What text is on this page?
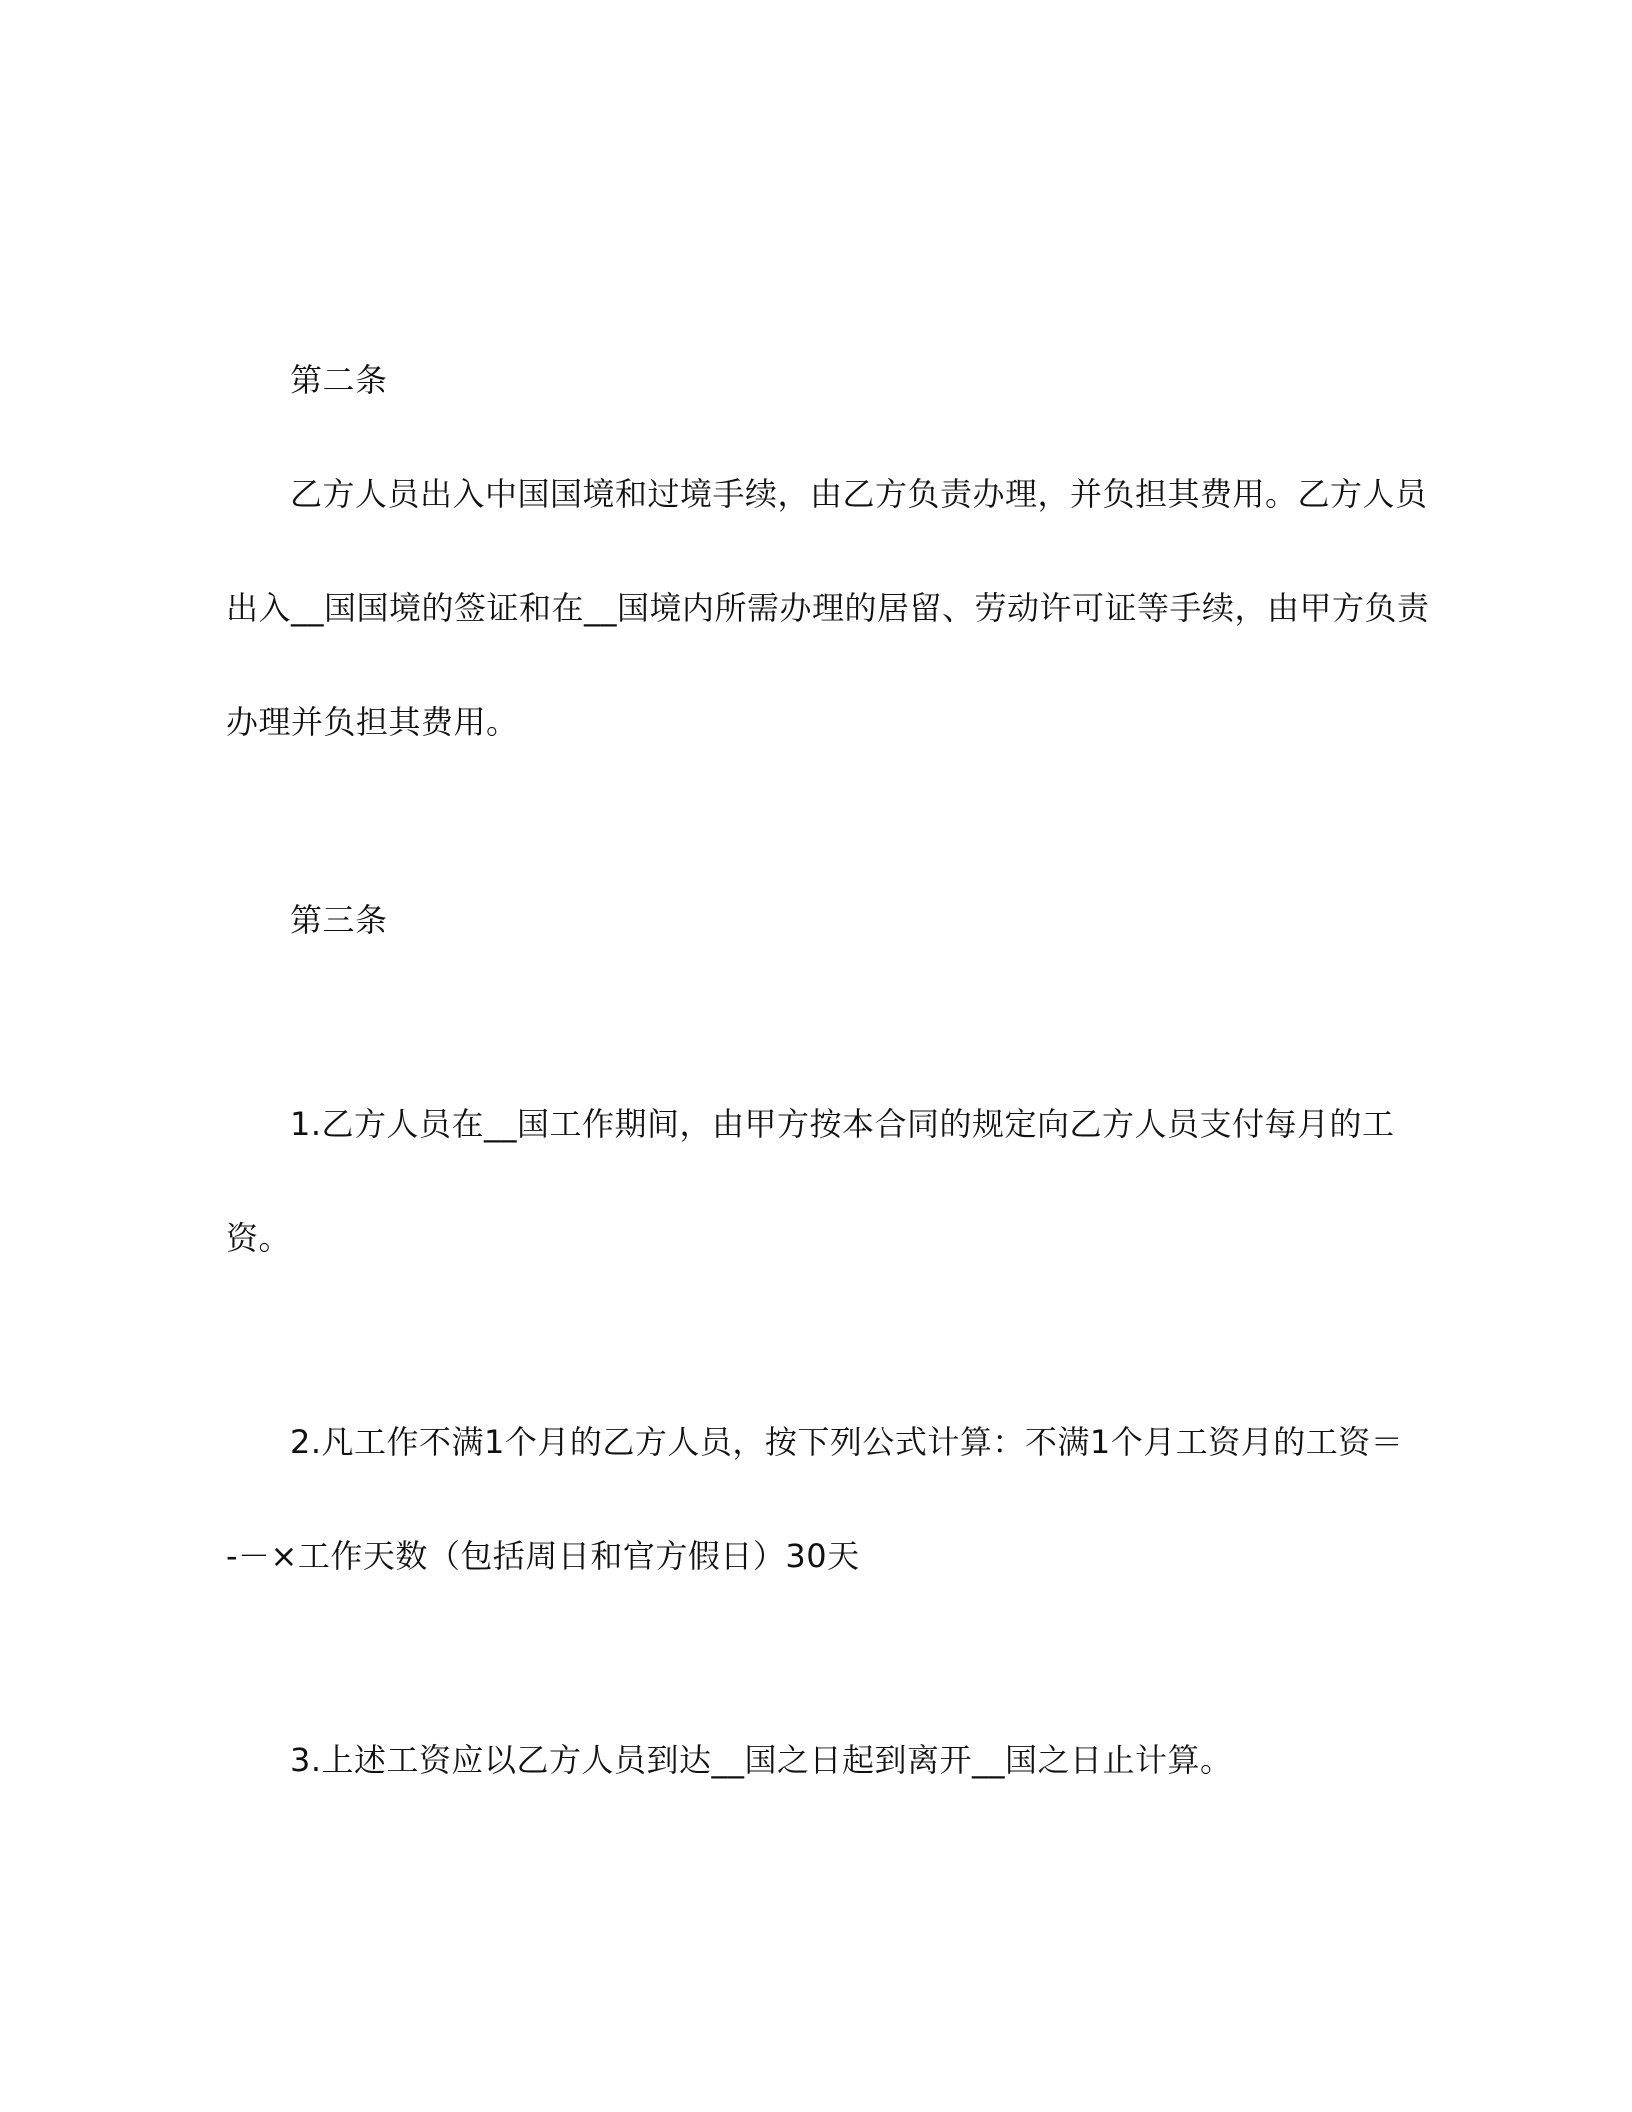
第二条
乙方人员出入中国国境和过境手续，由乙方负责办理，并负担其费用。乙方人员
出入__国国境的签证和在__国境内所需办理的居留、劳动许可证等手续，由甲方负责
办理并负担其费用。
第三条
1.乙方人员在__国工作期间，由甲方按本合同的规定向乙方人员支付每月的工
资。
2.凡工作不满1个月的乙方人员，按下列公式计算：不满1个月工资月的工资＝
-－×工作天数（包括周日和官方假日）30天
3.上述工资应以乙方人员到达__国之日起到离开__国之日止计算。
